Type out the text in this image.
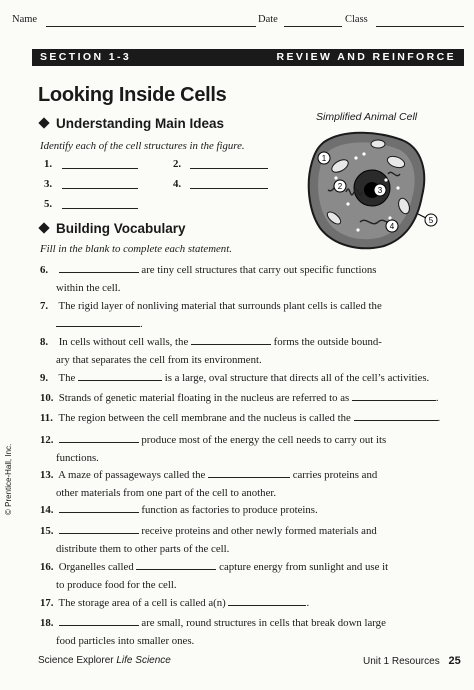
Name	Date	Class
SECTION 1-3	REVIEW AND REINFORCE
Looking Inside Cells
Understanding Main Ideas
Identify each of the cell structures in the figure.
1.	2.
3.	4.
5.
Simplified Animal Cell
1
2	3
4
5
Building Vocabulary
Fill in the blank to complete each statement.
6.	are tiny cell structures that carry out specific functions
within the cell.
7. The rigid layer of nonliving material that surrounds plant cells is called the
.
8. In cells without cell walls, the	forms the outside bound-
ary that separates the cell from its environment.
9. The	is a large, oval structure that directs all of the cell’s activities.
10. Strands of genetic material floating in the nucleus are referred to as	.
11. The region between the cell membrane and the nucleus is called the	.
12.	produce most of the energy the cell needs to carry out its
functions.
13. A maze of passageways called the	carries proteins and
other materials from one part of the cell to another.
14.	function as factories to produce proteins.
15.	receive proteins and other newly formed materials and
distribute them to other parts of the cell.
16. Organelles called	capture energy from sunlight and use it
to produce food for the cell.
17. The storage area of a cell is called a(n)	.
18.	are small, round structures in cells that break down large
food particles into smaller ones.
© Prentice-Hall, Inc.
Science Explorer Life Science	Unit 1 Resources 25
